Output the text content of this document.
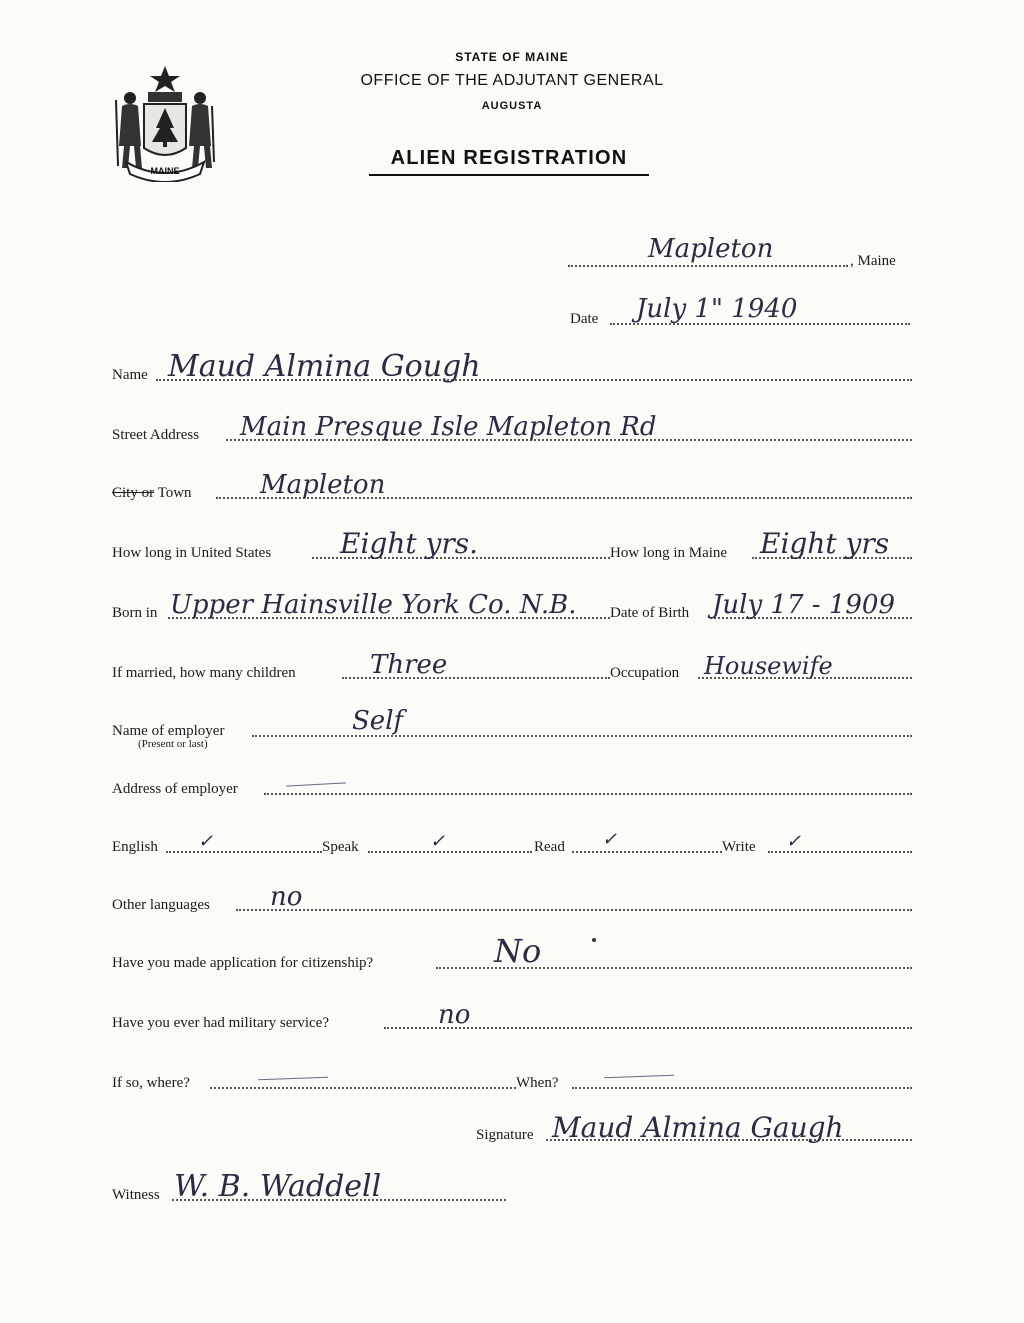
MAINE
STATE OF MAINE
OFFICE OF THE ADJUTANT GENERAL
AUGUSTA
ALIEN REGISTRATION
Mapleton	, Maine
Date July 1" 1940
Name Maud Almina Gough
Street Address Main Presque Isle Mapleton Rd
City or Town	Mapleton
How long in United States Eight yrs.	How long in Maine Eight yrs
Born in Upper Hainsville York Co. N.B. Date of Birth July 17 - 1909
If married, how many children	Three	Occupation Housewife
Name of employer	Self
(Present or last)
Address of employer
English ✓	Speak	✓	Read ✓	Write ✓
Other languages no
Have you made application for citizenship?	No
Have you ever had military service?	no
If so, where?	When?
Signature Maud Almina Gaugh
Witness W. B. Waddell
